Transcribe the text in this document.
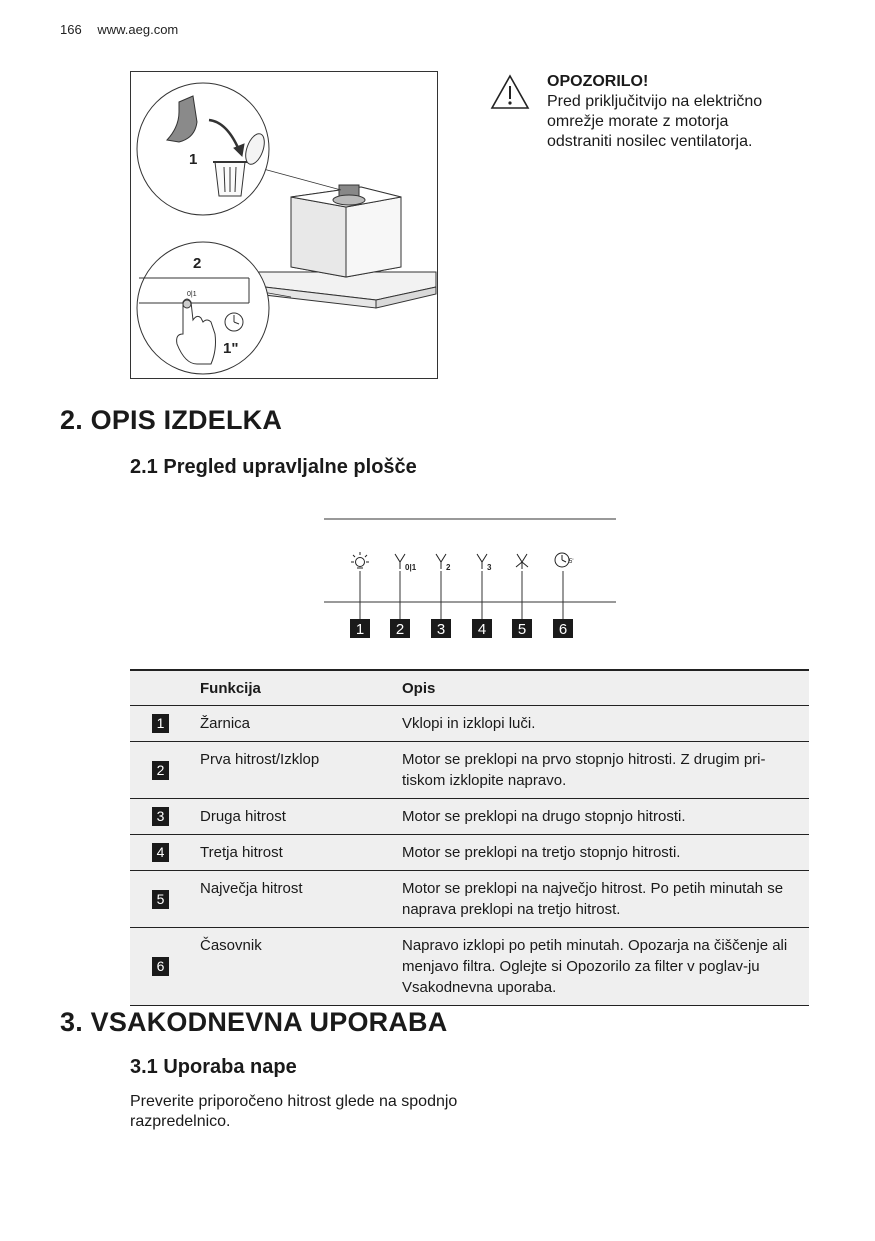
166 www.aeg.com
1
0|1
2
1"
OPOZORILO!
Pred priključitvijo na električno omrežje morate z motorja odstraniti nosilec ventilatorja.
2. OPIS IZDELKA
2.1 Pregled upravljalne plošče
0|1	2	3
5'
1 2 3 4 5 6
	Funkcija	Opis
1	Žarnica	Vklopi in izklopi luči.
2	Prva hitrost/Izklop	Motor se preklopi na prvo stopnjo hitrosti. Z drugim pri-tiskom izklopite napravo.
3	Druga hitrost	Motor se preklopi na drugo stopnjo hitrosti.
4	Tretja hitrost	Motor se preklopi na tretjo stopnjo hitrosti.
5	Največja hitrost	Motor se preklopi na največjo hitrost. Po petih minutah se naprava preklopi na tretjo hitrost.
6	Časovnik	Napravo izklopi po petih minutah. Opozarja na čiščenje ali menjavo filtra. Oglejte si Opozorilo za filter v poglav-ju Vsakodnevna uporaba.
3. VSAKODNEVNA UPORABA
3.1 Uporaba nape
Preverite priporočeno hitrost glede na spodnjo razpredelnico.
